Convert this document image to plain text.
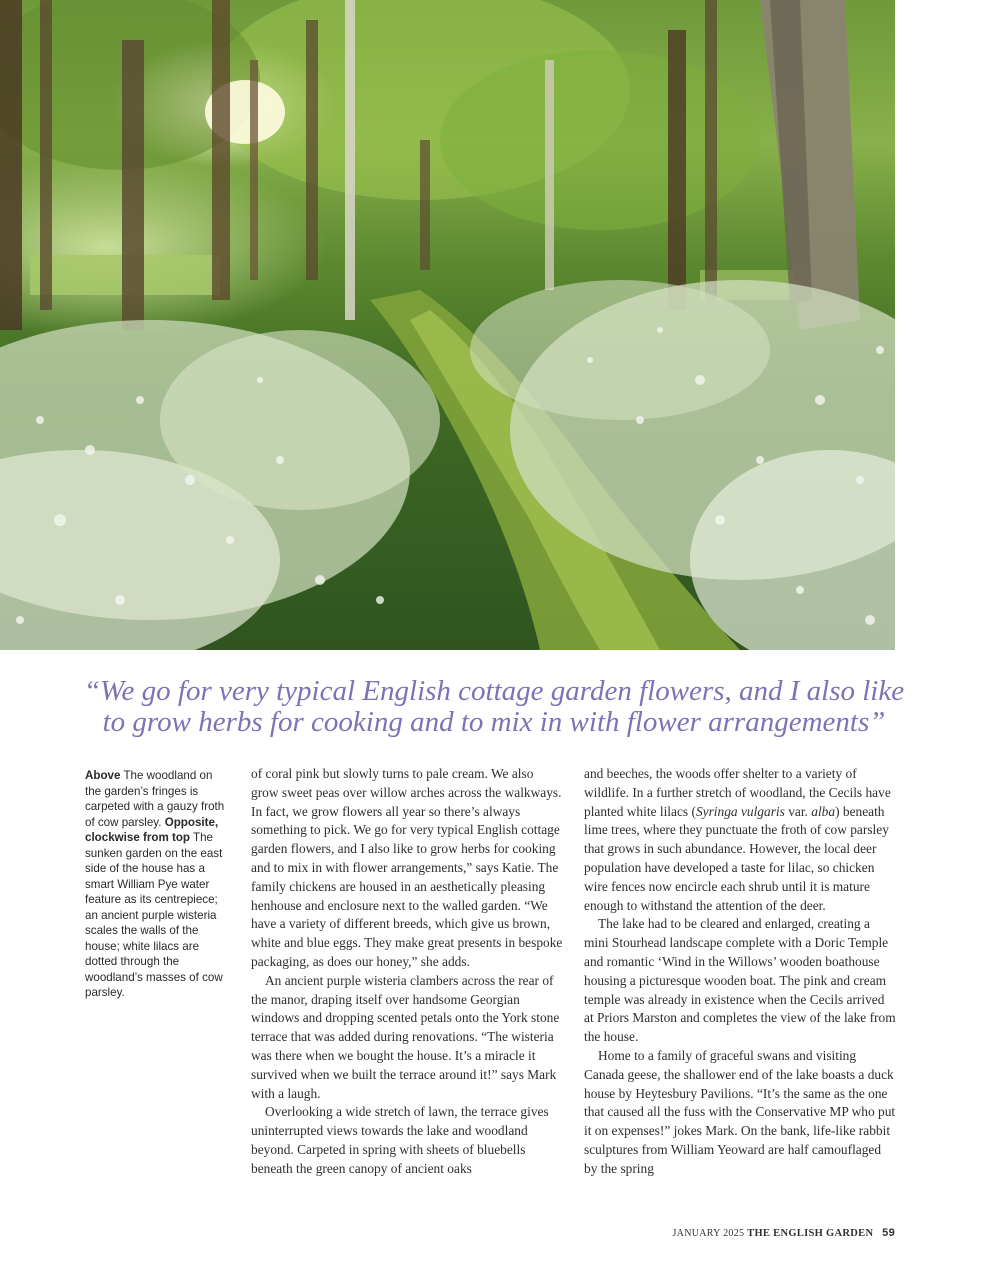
“We go for very typical English cottage garden flowers, and I also like to grow herbs for cooking and to mix in with flower arrangements”
Above The woodland on the garden’s fringes is carpeted with a gauzy froth of cow parsley. Opposite, clockwise from top The sunken garden on the east side of the house has a smart William Pye water feature as its centrepiece; an ancient purple wisteria scales the walls of the house; white lilacs are dotted through the woodland’s masses of cow parsley.

of coral pink but slowly turns to pale cream. We also grow sweet peas over willow arches across the walkways. In fact, we grow flowers all year so there’s always something to pick. We go for very typical English cottage garden flowers, and I also like to grow herbs for cooking and to mix in with flower arrangements,” says Katie. The family chickens are housed in an aesthetically pleasing henhouse and enclosure next to the walled garden. “We have a variety of different breeds, which give us brown, white and blue eggs. They make great presents in bespoke packaging, as does our honey,” she adds.

An ancient purple wisteria clambers across the rear of the manor, draping itself over handsome Georgian windows and dropping scented petals onto the York stone terrace that was added during renovations. “The wisteria was there when we bought the house. It’s a miracle it survived when we built the terrace around it!” says Mark with a laugh.

Overlooking a wide stretch of lawn, the terrace gives uninterrupted views towards the lake and woodland beyond. Carpeted in spring with sheets of bluebells beneath the green canopy of ancient oaks

and beeches, the woods offer shelter to a variety of wildlife. In a further stretch of woodland, the Cecils have planted white lilacs (Syringa vulgaris var. alba) beneath lime trees, where they punctuate the froth of cow parsley that grows in such abundance. However, the local deer population have developed a taste for lilac, so chicken wire fences now encircle each shrub until it is mature enough to withstand the attention of the deer.

The lake had to be cleared and enlarged, creating a mini Stourhead landscape complete with a Doric Temple and romantic ‘Wind in the Willows’ wooden boathouse housing a picturesque wooden boat. The pink and cream temple was already in existence when the Cecils arrived at Priors Marston and completes the view of the lake from the house.

Home to a family of graceful swans and visiting Canada geese, the shallower end of the lake boasts a duck house by Heytesbury Pavilions. “It’s the same as the one that caused all the fuss with the Conservative MP who put it on expenses!” jokes Mark. On the bank, life-like rabbit sculptures from William Yeoward are half camouflaged by the spring

JANUARY 2025 THE ENGLISH GARDEN 59
